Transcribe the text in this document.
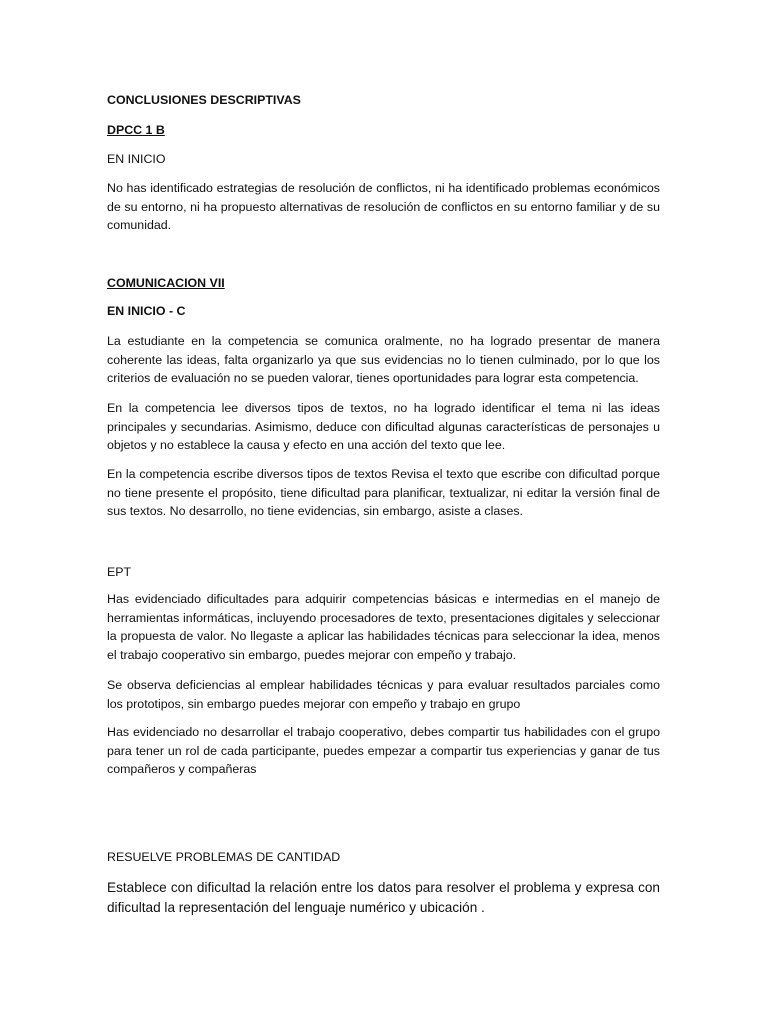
CONCLUSIONES DESCRIPTIVAS

DPCC 1 B

EN INICIO

No has identificado estrategias de resolución de conflictos, ni ha identificado problemas económicos de su entorno, ni ha propuesto alternativas de resolución de conflictos en su entorno familiar y de su comunidad.

COMUNICACION VII

EN INICIO - C

La estudiante en la competencia se comunica oralmente, no ha logrado presentar de manera coherente las ideas, falta organizarlo ya que sus evidencias no lo tienen culminado, por lo que los criterios de evaluación no se pueden valorar, tienes oportunidades para lograr esta competencia.

En la competencia lee diversos tipos de textos, no ha logrado identificar el tema ni las ideas principales y secundarias. Asimismo, deduce con dificultad algunas características de personajes u objetos y no establece la causa y efecto en una acción del texto que lee.

En la competencia escribe diversos tipos de textos Revisa el texto que escribe con dificultad porque no tiene presente el propósito, tiene dificultad para planificar, textualizar, ni editar la versión final de sus textos. No desarrollo, no tiene evidencias, sin embargo, asiste a clases.

EPT

Has evidenciado dificultades para adquirir competencias básicas e intermedias en el manejo de herramientas informáticas, incluyendo procesadores de texto, presentaciones digitales y seleccionar la propuesta de valor. No llegaste a aplicar las habilidades técnicas para seleccionar la idea, menos el trabajo cooperativo sin embargo, puedes mejorar con empeño y trabajo.

Se observa deficiencias al emplear habilidades técnicas y para evaluar resultados parciales como los prototipos, sin embargo puedes mejorar con empeño y trabajo en grupo

Has evidenciado no desarrollar el trabajo cooperativo, debes compartir tus habilidades con el grupo para tener un rol de cada participante, puedes empezar a compartir tus experiencias y ganar de tus compañeros y compañeras

RESUELVE PROBLEMAS DE CANTIDAD

Establece con dificultad la relación entre los datos para resolver el problema y expresa con dificultad la representación del lenguaje numérico y ubicación .
